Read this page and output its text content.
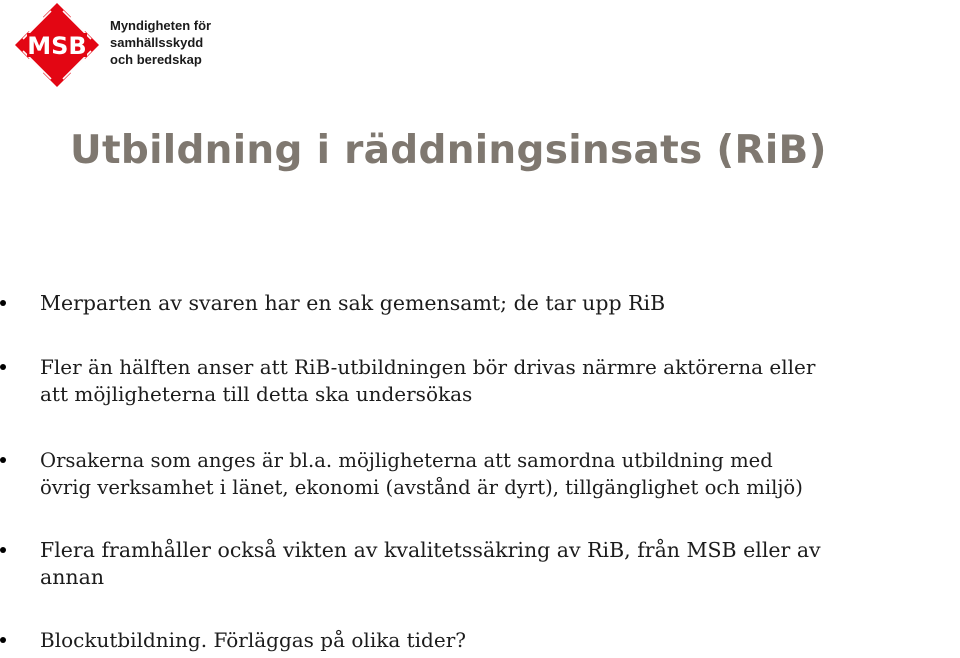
MSB
Myndigheten för
samhällsskydd
och beredskap
Utbildning i räddningsinsats (RiB)
Merparten av svaren har en sak gemensamt; de tar upp RiB
Fler än hälften anser att RiB-utbildningen bör drivas närmre aktörerna eller
att möjligheterna till detta ska undersökas
Orsakerna som anges är bl.a. möjligheterna att samordna utbildning med
övrig verksamhet i länet, ekonomi (avstånd är dyrt), tillgänglighet och miljö)
Flera framhåller också vikten av kvalitetssäkring av RiB, från MSB eller av
annan
Blockutbildning. Förläggas på olika tider?
